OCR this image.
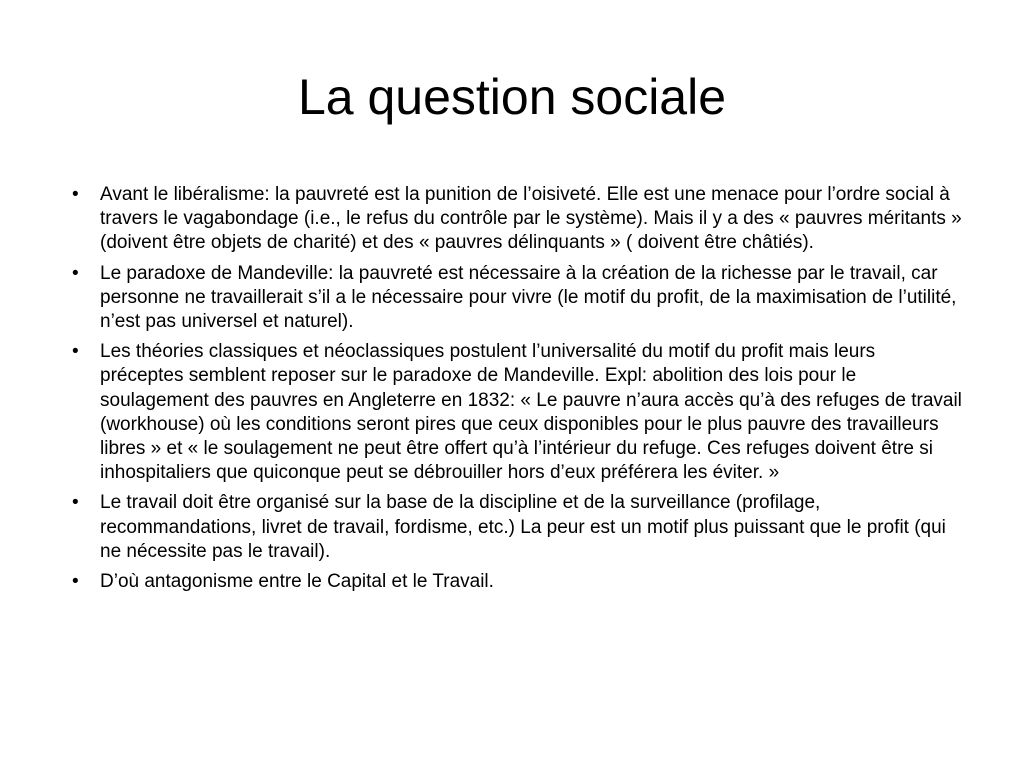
La question sociale
•	Avant le libéralisme: la pauvreté est la punition de l’oisiveté. Elle est une menace pour l’ordre social à travers le vagabondage (i.e., le refus du contrôle par le système). Mais il y a des « pauvres méritants » (doivent être objets de charité) et des « pauvres délinquants » ( doivent être châtiés).
•	Le paradoxe de Mandeville: la pauvreté est nécessaire à la création de la richesse par le travail, car personne ne travaillerait s’il a le nécessaire pour vivre (le motif du profit, de la maximisation de l’utilité, n’est pas universel et naturel).
•	Les théories classiques et néoclassiques postulent l’universalité du motif du profit mais leurs préceptes semblent reposer sur le paradoxe de Mandeville. Expl: abolition des lois pour le soulagement des pauvres en Angleterre en 1832: « Le pauvre n’aura accès qu’à des refuges de travail (workhouse) où les conditions seront pires que ceux disponibles pour le plus pauvre des travailleurs libres » et « le soulagement ne peut être offert qu’à l’intérieur du refuge. Ces refuges doivent être si inhospitaliers que quiconque peut se débrouiller hors d’eux préférera les éviter. »
•	Le travail doit être organisé sur la base de la discipline et de la surveillance (profilage, recommandations, livret de travail, fordisme, etc.) La peur est un motif plus puissant que le profit (qui ne nécessite pas le travail).
•	D’où antagonisme entre le Capital et le Travail.
